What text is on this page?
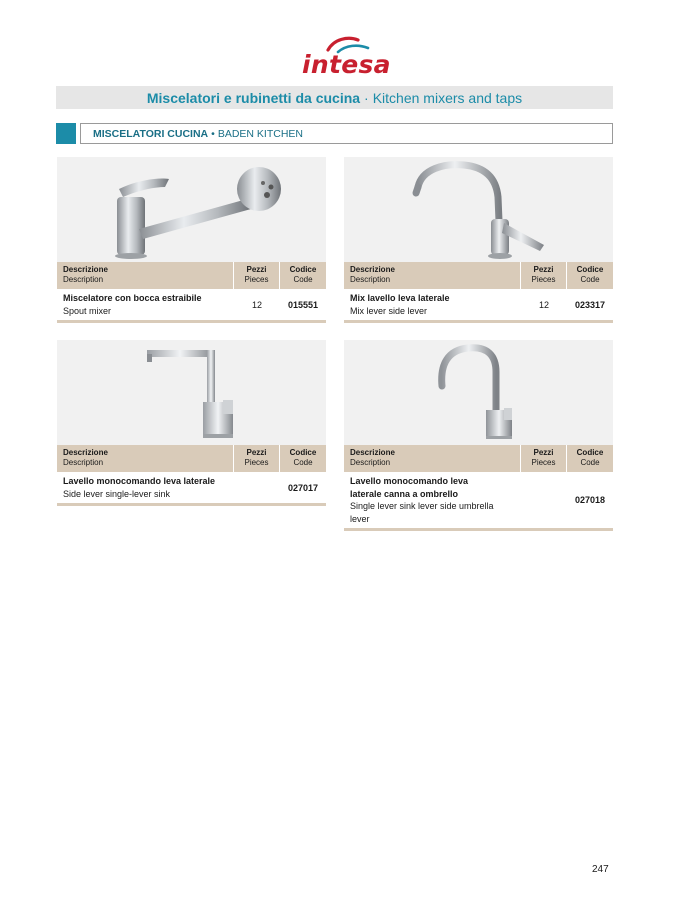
intesa
Miscelatori e rubinetti da cucina · Kitchen mixers and taps
MISCELATORI CUCINA • BADEN KITCHEN
Descrizione
Description
Pezzi
Pieces
Codice
Code
Miscelatore con bocca estraibile
Spout mixer
12	015551
Descrizione
Description
Pezzi
Pieces
Codice
Code
Mix lavello leva laterale
Mix lever side lever
12	023317
Descrizione
Description
Pezzi
Pieces
Codice
Code
Lavello monocomando leva laterale
Side lever single-lever sink
027017
Descrizione
Description
Pezzi
Pieces
Codice
Code
Lavello monocomando leva laterale canna a ombrello
Single lever sink lever side umbrella lever
027018
247
